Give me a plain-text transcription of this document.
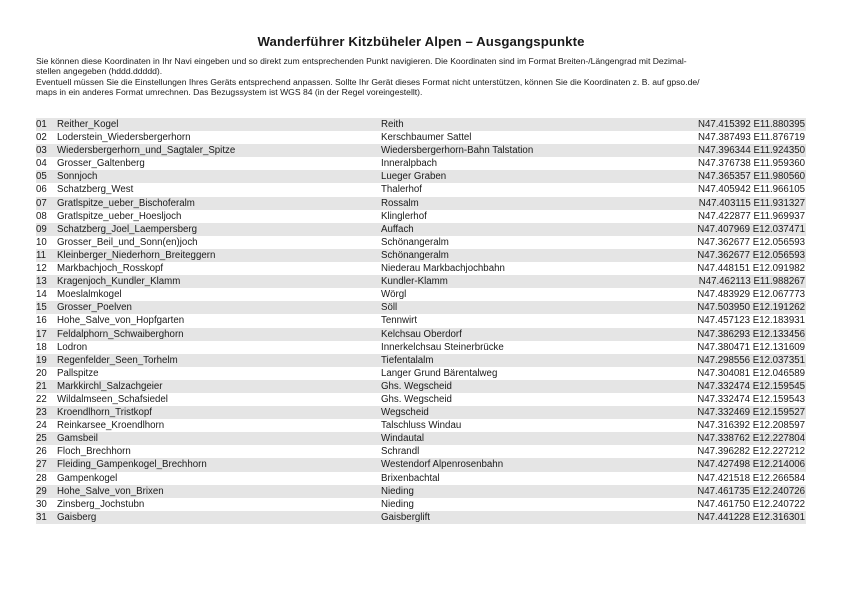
Wanderführer Kitzbüheler Alpen – Ausgangspunkte

Sie können diese Koordinaten in Ihr Navi eingeben und so direkt zum entsprechenden Punkt navigieren. Die Koordinaten sind im Format Breiten-/Längengrad mit Dezimal-

stellen angegeben (hddd.ddddd).

Eventuell müssen Sie die Einstellungen Ihres Geräts entsprechend anpassen. Sollte Ihr Gerät dieses Format nicht unterstützen, können Sie die Koordinaten z. B. auf gpso.de/

maps in ein anderes Format umrechnen. Das Bezugssystem ist WGS 84 (in der Regel voreingestellt).

01	Reither_Kogel	Reith	N47.415392 E11.880395
02	Loderstein_Wiedersbergerhorn	Kerschbaumer Sattel	N47.387493 E11.876719
03	Wiedersbergerhorn_und_Sagtaler_Spitze	Wiedersbergerhorn-Bahn Talstation	N47.396344 E11.924350
04	Grosser_Galtenberg	Inneralpbach	N47.376738 E11.959360
05	Sonnjoch	Lueger Graben	N47.365357 E11.980560
06	Schatzberg_West	Thalerhof	N47.405942 E11.966105
07	Gratlspitze_ueber_Bischoferalm	Rossalm	N47.403115 E11.931327
08	Gratlspitze_ueber_Hoesljoch	Klinglerhof	N47.422877 E11.969937
09	Schatzberg_Joel_Laempersberg	Auffach	N47.407969 E12.037471
10	Grosser_Beil_und_Sonn(en)joch	Schönangeralm	N47.362677 E12.056593
11	Kleinberger_Niederhorn_Breiteggern	Schönangeralm	N47.362677 E12.056593
12	Markbachjoch_Rosskopf	Niederau Markbachjochbahn	N47.448151 E12.091982
13	Kragenjoch_Kundler_Klamm	Kundler-Klamm	N47.462113 E11.988267
14	Moeslalmkogel	Wörgl	N47.483929 E12.067773
15	Grosser_Poelven	Söll	N47.503950 E12.191262
16	Hohe_Salve_von_Hopfgarten	Tennwirt	N47.457123 E12.183931
17	Feldalphorn_Schwaiberghorn	Kelchsau Oberdorf	N47.386293 E12.133456
18	Lodron	Innerkelchsau Steinerbrücke	N47.380471 E12.131609
19	Regenfelder_Seen_Torhelm	Tiefentalalm	N47.298556 E12.037351
20	Pallspitze	Langer Grund Bärentalweg	N47.304081 E12.046589
21	Markkirchl_Salzachgeier	Ghs. Wegscheid	N47.332474 E12.159545
22	Wildalmseen_Schafsiedel	Ghs. Wegscheid	N47.332474 E12.159543
23	Kroendlhorn_Tristkopf	Wegscheid	N47.332469 E12.159527
24	Reinkarsee_Kroendlhorn	Talschluss Windau	N47.316392 E12.208597
25	Gamsbeil	Windautal	N47.338762 E12.227804
26	Floch_Brechhorn	Schrandl	N47.396282 E12.227212
27	Fleiding_Gampenkogel_Brechhorn	Westendorf Alpenrosenbahn	N47.427498 E12.214006
28	Gampenkogel	Brixenbachtal	N47.421518 E12.266584
29	Hohe_Salve_von_Brixen	Nieding	N47.461735 E12.240726
30	Zinsberg_Jochstubn	Nieding	N47.461750 E12.240722
31	Gaisberg	Gaisberglift	N47.441228 E12.316301
